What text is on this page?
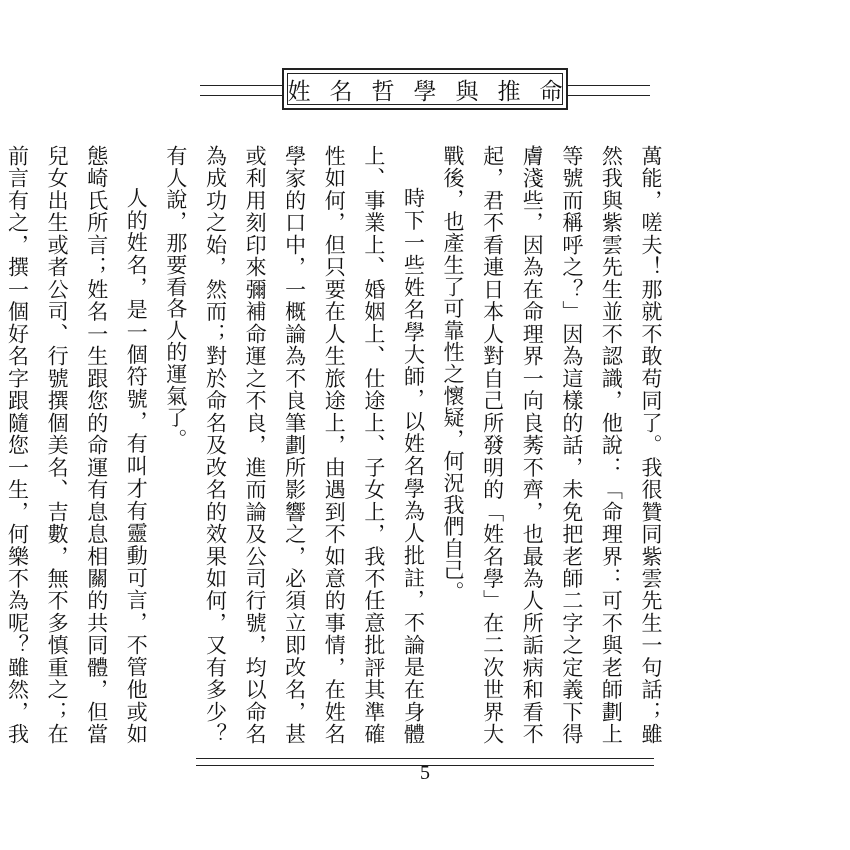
姓名哲學與推命

萬能，嗟夫！那就不敢苟同了。我很贊同紫雲先生一句話；雖然我與紫雲先生並不認識，他說：「命理界：可不與老師劃上等號而稱呼之？」因為這樣的話，未免把老師二字之定義下得膚淺些，因為在命理界一向良莠不齊，也最為人所詬病和看不起，君不看連日本人對自己所發明的「姓名學」在二次世界大戰後，也產生了可靠性之懷疑，何況我們自己。

時下一些姓名學大師，以姓名學為人批註，不論是在身體上、事業上、婚姻上、仕途上、子女上，我不任意批評其準確性如何，但只要在人生旅途上，由遇到不如意的事情，在姓名學家的口中，一概論為不良筆劃所影響之，必須立即改名，甚或利用刻印來彌補命運之不良，進而論及公司行號，均以命名為成功之始，然而；對於命名及改名的效果如何，又有多少？有人說，那要看各人的運氣了。

人的姓名，是一個符號，有叫才有靈動可言，不管他或如態崎氏所言；姓名一生跟您的命運有息息相關的共同體，但當兒女出生或者公司、行號撰個美名、吉數，無不多慎重之；在前言有之，撰一個好名字跟隨您一生，何樂不為呢？雖然，我

5
